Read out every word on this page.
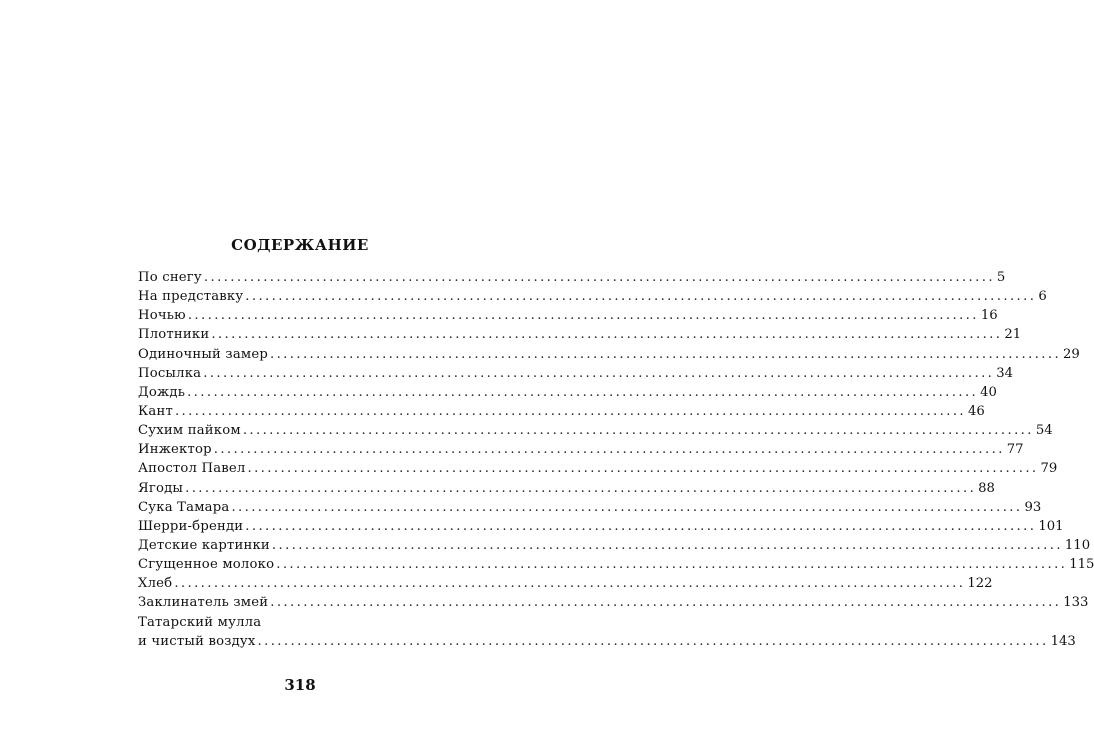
СОДЕРЖАНИЕ
По снегу ........................................................................................................................ 5
На представку ........................................................................................................................ 6
Ночью ........................................................................................................................ 16
Плотники ........................................................................................................................ 21
Одиночный замер ........................................................................................................................ 29
Посылка ........................................................................................................................ 34
Дождь ........................................................................................................................ 40
Кант ........................................................................................................................ 46
Сухим пайком ........................................................................................................................ 54
Инжектор ........................................................................................................................ 77
Апостол Павел ........................................................................................................................ 79
Ягоды ........................................................................................................................ 88
Сука Тамара ........................................................................................................................ 93
Шерри-бренди ........................................................................................................................ 101
Детские картинки ........................................................................................................................ 110
Сгущенное молоко ........................................................................................................................ 115
Хлеб ........................................................................................................................ 122
Заклинатель змей ........................................................................................................................ 133
Татарский мулла
и чистый воздух ........................................................................................................................ 143
318
